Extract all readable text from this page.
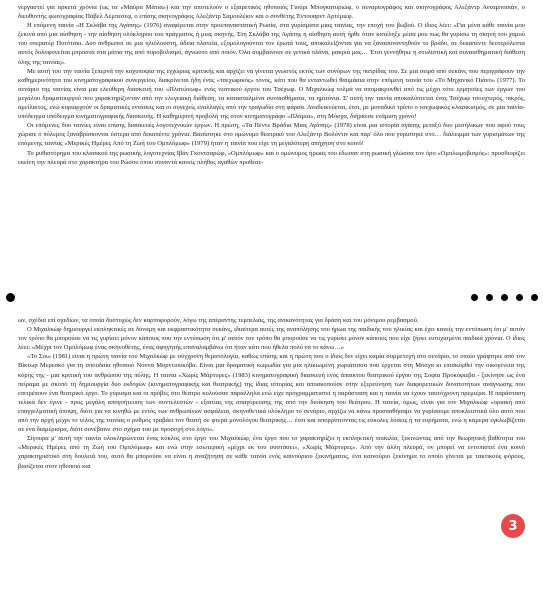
νεργαστεί για αρκετά χρόνια (ως τα «Μαύρα Μάτια») και την αποτελούν ο εξαιρετικός ηθοποιός Γιούρι Μπογκατυριώφ, ο σεναριογράφος και σκηνογράφος Αλεξάντρ Ανταμποσιάν, ο διευθυντής φωτογραφίας Πάβελ Λέμπεσεφ, ο επίσης σκηνογράφος Αλεξάντρ Σαμουλέκιν και ο συνθέτης Έντουαρντ Αρτέμιεφ.

Η επόμενη ταινία «Η Σκλάβα της Αγάπης» (1976) αναφέρεται στην προεπαναστατική Ρωσία, στα γυρίσματα μιας ταινίας, την εποχή του βωβού. Ο ίδιος λέει: «Για μένα κάθε ταινία μου ξεκινά από μια αίσθηση - την αίσθηση ολόκληρου του πράγματος ή μιας σκηνής. Στη Σκλάβα της Αγάπης η αίσθηση αυτή ήρθε όταν κατέληξε μέσα μου πως θα γυρίσω τη σκηνή του χαμού του οπερατέρ Ποτότσκι. Δυο άνθρωποι σε μια ηλιόλουστη, άδεια πλατεία, εξομολογούνται τον έρωτά τους, αποκαλείζονται για να ξανασυναντηθούν το βράδυ, σε δεκαπέντε δευτερόλεπτα αυτός δολοφονείται μπροστά στα μάτια της από πυροβολισμό, άγνωστο από ποιόν. Όλα συμβαίνουν σε γενικά πλάνα, μακριά μας… Έτσι γεννήθηκε η στυλιστική και συναισθηματική διάθεση όλης της ταινίας».

Με αυτή του την ταινία ξεπερνά την καχυποψία της εγχώριας κριτικής και αρχίζει να γίνεται γνωστός εκτός των συνόρων της πατρίδας του. Σε μια σειρά από σεκάνς που περιγράφουν την καθημερινότητα του κινηματογραφικού συνεργείου, διακρίνεται ήδη ένας «τσεχωφικός» τόνος, κάτι που θα ενταντωθεί θαυμάσια στην επόμενη ταινία του «Το Μηχανικό Πιάνο» (1977). Το σενάριο της ταινίας είναι μια ελεύθερη διασκευή του «Πλατώνωφ» ενός νεανικού έργου του Τσέχωφ. Ο Μιχαλκώφ τολμά να απομακρυνθεί από τις μέχρι τότε ερμηνείες των έργων του μεγάλου δραματουργού που χαρακτηρίζονταν από την ελεγειακή διάθεση, τα κατασταλμένα συναισθήματα, τα ημιτόνια. Σ' αυτή την ταινία αποκαλύπτεται ένας Τσέχωφ τσουχτερός, πικρός, αμείλικτος, ενώ κυριαρχούν οι δραματικές εντάσεις και οι συνεχείς εναλλαγές από την τραγωδία στη φάρσα. Αναδεικνύεται, έτσι, με μοναδικό τρόπο ο τσεχωφικός κλασικισμός, σε μια ταινία-υπόδειγμα υπόδειγμα κινηματογραφικής διασκευής. Η καθημερινή προβολή της στον κινηματογράφο «Πλάμια», στη Μόσχα, διήρκεσε ενάμιση χρόνο!

Οι επόμενες δυο ταινίες είναι επίσης διασκευές λογοτεχνικών έργων. Η πρώτη, «Τα Πέντε Βράδια Μιας Αγάπης» (1978) είναι μια ιστορία αγάπης μεταξύ δυο μεσήλικων που αφού τους χώρισε ο πόλεμος ξαναβρίσκονται ύστερα από δεκαπέντε χρόνια. Βασίστηκε στο ομώνυμο θεατρικό του Αλεξάντρ Βολόντιν και παρ' όλο που γυρίστηκε στο… διάλειμμα των γυρισμάτων της επόμενης ταινίας «Μερικές Ημέρες Από τη Ζωή του Ομπλόμωφ» (1979) ήταν η ταινία που είχε τη μεγαλύτερη απήχηση στο κοινό!

Το μυθιστόρημα του κλασικού της ρωσικής λογοτεχνίας Ιβάν Γκοντσαρώφ, «Ομπλόμωφ» και ο ομώνυμος ήρωας του έδωσαν στη ρωσική γλώσσα τον όρο «Ομπλωμοβισμός»: προσδιορίζει εκείνη την πλευρά στο χαρακτήρα του Ρώσου όπου συναντά κανείς πλήθος αγαθών προθέσε-

ων, σχέδια επί σχεδίων, τα οποία δυστυχώς δεν καρποφορούν, λόγω της απέραντης τεμπελιάς, της ανικανότητας για δράση και του μόνιμου ρεμβασμού.

Ο Μιχαλκώφ δημιουργεί εκπληκτικές σε δύναμη και εκφραστικότητα σεκάνς, ιδιαίτερα αυτές της αναπόλησης του ήρωα της παιδικής του ηλικίας και έχει κανείς την εντύπωση ότι μ' αυτόν τον τρόπο θα μπορούσε να τις γυρίσει μόνον κάποιος που την εντύπωση ότι μ' αυτόν τον τρόπο θα μπορούσε να τις γυρίσει μόνον κάποιος που είχε ζήσει ευτυχισμένα παιδικά χρόνια. Ο ίδιος λέει: «Μέχρι τον Ομπλόμωφ ένας σκηνοθέτης, ένας αφηγητής επαναλαμβάνω ότι ήταν κάτι που ήθελα πολύ να το κάνω…»

«Το Σόι» (1981) είναι η πρώτη ταινία του Μιχαλκώφ με σύγχρονη θεματολογία, καθώς επίσης και η πρώτη που ο ίδιος δεν είχει καμία συμμετοχή στο σενάριο, το οποίο γράφτηκε από τον Βίκτωρ Μερεσκό για τη σπουδαία ηθοποιό Νόννα Μορντιουκόβα. Είναι μια δραματική κωμωδία για μια ηλικιωμένη χωριάτισσα που έρχεται στη Μόσχα κι επισκέφθεί την οικογένεια της κόρης της - μια κριτική του ανθρώπου της πόλης. Η ταινία «Χωρίς Μάρτυρες» (1983) κινηματογραφική διασκευή ενός άπαικτου θεατρικού έργου της Σοφία Προκόφιεβα - ξεκίνησε ως ένα πείραμα με σκοπό τη δημιουργία δυο εκδοχών (κινηματογραφικής και θεατρικής) της ίδιας ιστορίας και αποσκοπούσε στην εξερεύνηση των διαφορετικών δυνατοτήτων ανάγνωσης που επιτρέπουν ένα θεατρικό έργο. Το γύρισμα και οι πρόβες στο θέατρο κυλούσαν παράλληλα ενώ είχε προγραμματιστεί η παράσταση και η ταινία να έχουν ταυτόχρονη πρεμιέρα. Η παράσταση τελικά δεν έγινε - προς μεγάλη απογοήτευση των συντελεστών - εξαιτίας της απαγόρευσης της από την διοίκηση του θεάτρου. Η ταινία, όμως, είναι για τον Μιχαλκώφ «οριακή από επαγγελματική άποψη, διότι για να κινηθώ με εντός των ανθρωπίνων ασφάλεια, σκηνοθετικά ολόκληρο το σενάριο, αρχίζω να κάνω προσπαθήσαμε να γυρίσουμε αποκλειστικά όλο αυτό που από την αρχή μέχρι το τέλος της ταινίας ο ρυθμός τραβάει τον θεατή σε φτερά μονολόγου θεατρικής… έτσι και απορρίπτοντας τις εύκολες λύσεις ή τα ευρήματα, ενώ η κάμερα εγκλωβίζεται σε ένα διαμέρισμα, διότι συνέβαινε στο σχήμα του με προσοχή στο λόγο».

Σίγουρα μ' αυτή την ταινία ολοκληρώνεται ένας κύκλος στο έργο του Μιχαλκώφ, ένα έργο που το χαρακτηρίζει η εκπληκτική ποικιλία, ξεκινώντας από την θεωρητική βαθύτητα του «Μερικές Ημέρες από τη Ζωή του Ομπλόμωφ» και ενώ στην εσωτερική «μέχρι εκ του συστάσει», «Χωρίς Μάρτυρες». Από την άλλη πλευρά, ον μπορεί να εντοπιστεί ένα κοινό χαρακτηριστικό στη δουλειά του, αυτό θα μπορούσε να είναι η αναζήτηση σε κάθε ταινία ενός καινούριου ξεκινήματος, ένα καινούριο ξεκίνημα το οποίο γίνεται με τακτικούς φόρους, βασίζεται στον ηθοποιό και

3
